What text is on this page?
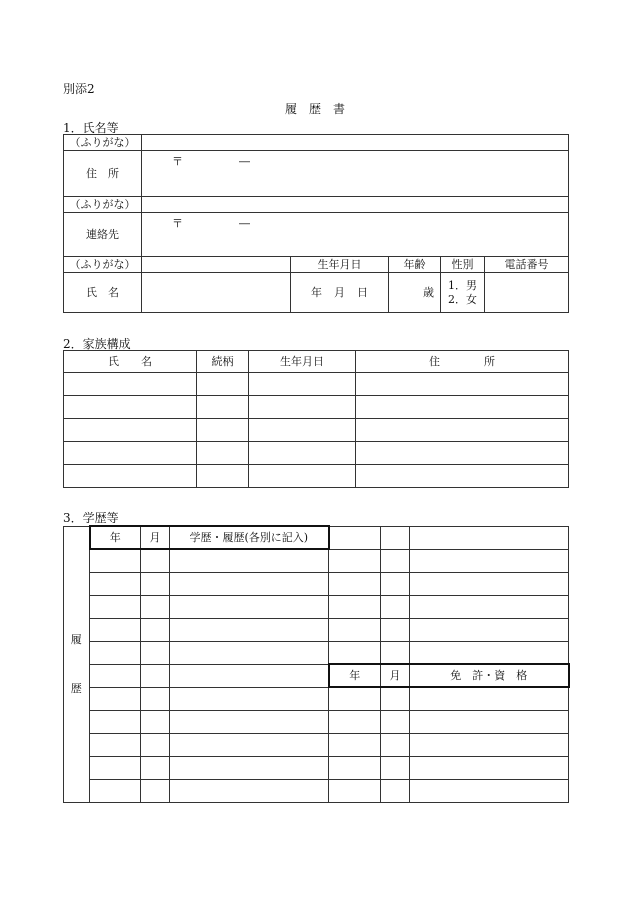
別添2
履　歴　書
1．氏名等
（ふりがな）					
住　所	〒 ―				

（ふりがな）					
連絡先	〒 ―				

（ふりがな）		生年月日	年齢	性別	電話番号
氏　名		年 月 日	歳	1．男
2．女	

2．家族構成
氏　　名	続柄	生年月日	住　　　　所

3．学歴等
履
歴	年	月	学歴・履歴(各別に記入)			

				年	月	免　許・資　格
